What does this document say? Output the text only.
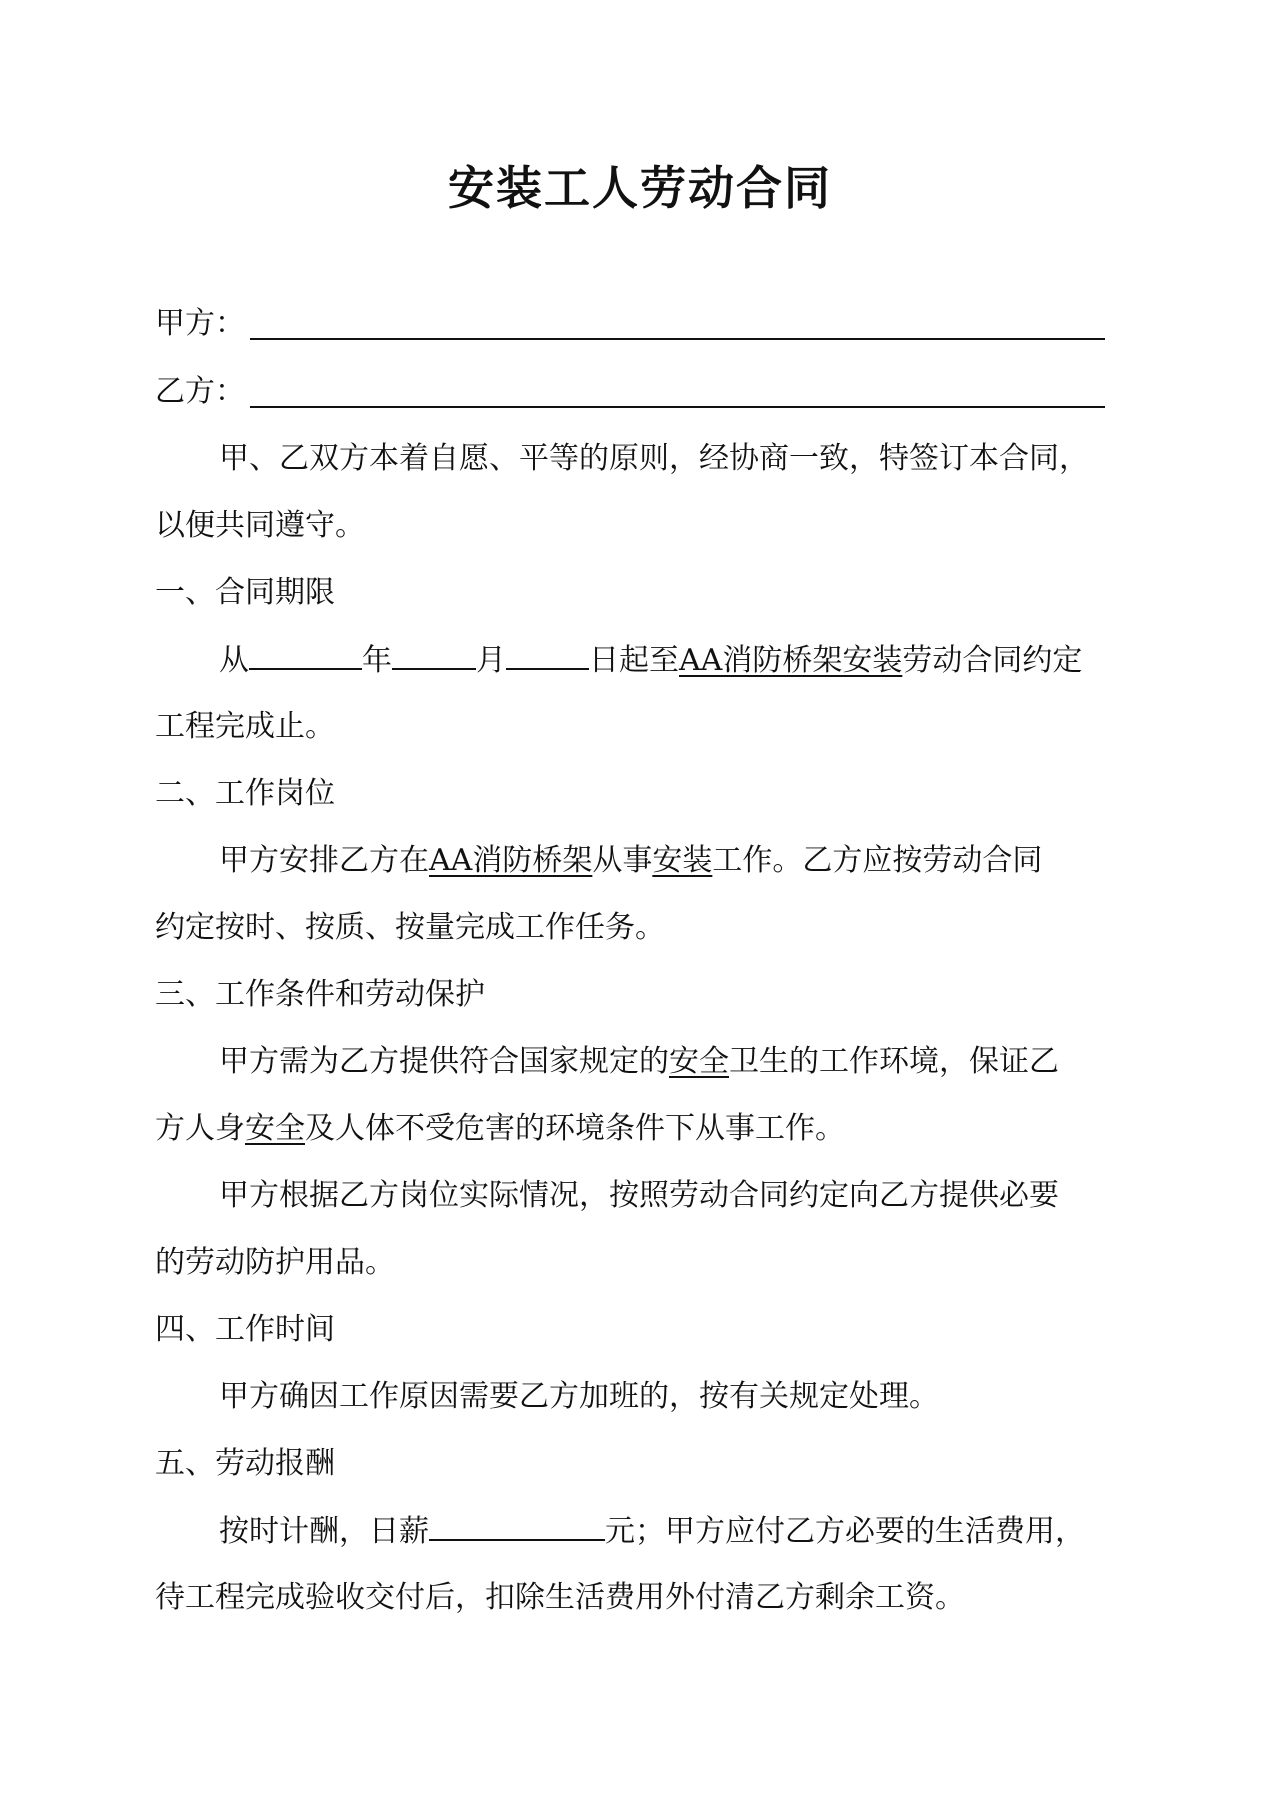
安装工人劳动合同
甲方：
乙方：
甲、乙双方本着自愿、平等的原则，经协商一致，特签订本合同，
以便共同遵守。
一、合同期限
从	年	月	日起至AA消防桥架安装劳动合同约定
工程完成止。
二、工作岗位
甲方安排乙方在AA消防桥架从事安装工作。乙方应按劳动合同
约定按时、按质、按量完成工作任务。
三、工作条件和劳动保护
甲方需为乙方提供符合国家规定的安全卫生的工作环境，保证乙
方人身安全及人体不受危害的环境条件下从事工作。
甲方根据乙方岗位实际情况，按照劳动合同约定向乙方提供必要
的劳动防护用品。
四、工作时间
甲方确因工作原因需要乙方加班的，按有关规定处理。
五、劳动报酬
按时计酬，日薪	元；甲方应付乙方必要的生活费用，
待工程完成验收交付后，扣除生活费用外付清乙方剩余工资。
